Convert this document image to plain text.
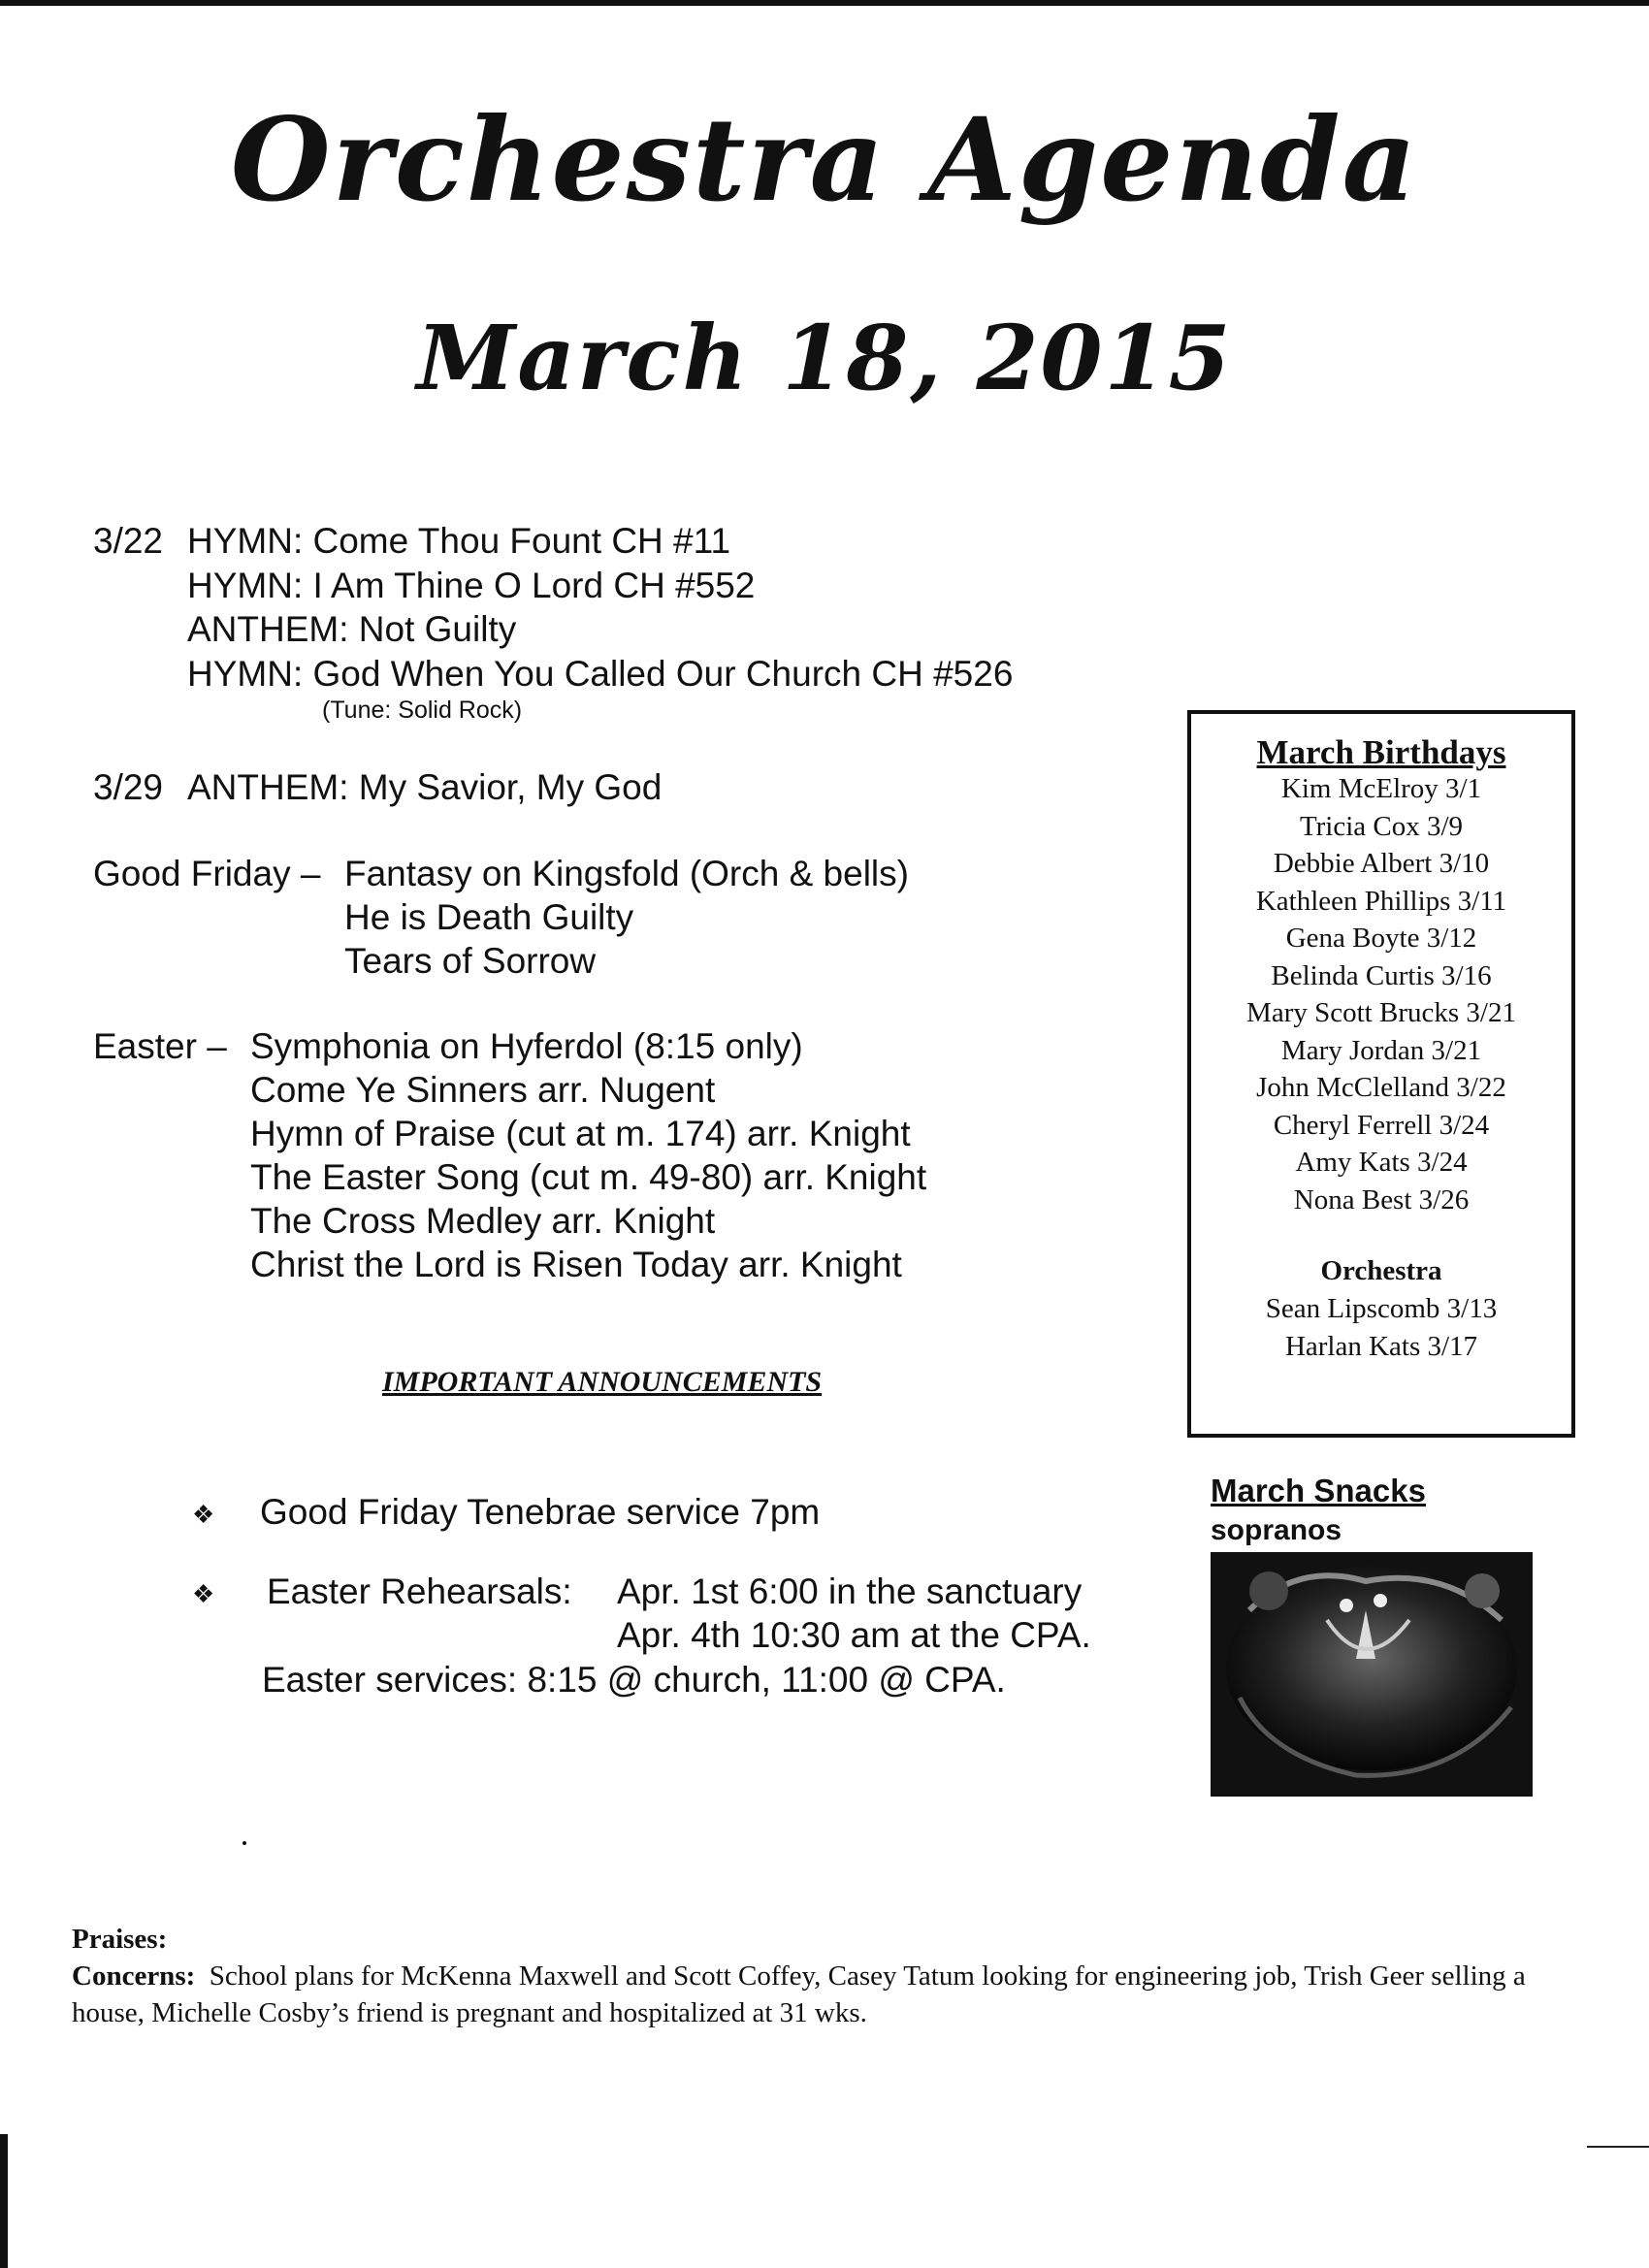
Orchestra Agenda
March 18, 2015
3/22 HYMN: Come Thou Fount CH #11
HYMN: I Am Thine O Lord CH #552
ANTHEM: Not Guilty
HYMN: God When You Called Our Church CH #526
(Tune: Solid Rock)
3/29 ANTHEM: My Savior, My God
Good Friday – Fantasy on Kingsfold (Orch & bells)
He is Death Guilty
Tears of Sorrow
Easter – Symphonia on Hyferdol (8:15 only)
Come Ye Sinners arr. Nugent
Hymn of Praise (cut at m. 174) arr. Knight
The Easter Song (cut m. 49-80) arr. Knight
The Cross Medley arr. Knight
Christ the Lord is Risen Today arr. Knight
IMPORTANT ANNOUNCEMENTS
❖ Good Friday Tenebrae service 7pm
❖ Easter Rehearsals: Apr. 1st 6:00 in the sanctuary
Apr. 4th 10:30 am at the CPA.
Easter services: 8:15 @ church, 11:00 @ CPA.
March Birthdays
Kim McElroy 3/1
Tricia Cox 3/9
Debbie Albert 3/10
Kathleen Phillips 3/11
Gena Boyte 3/12
Belinda Curtis 3/16
Mary Scott Brucks 3/21
Mary Jordan 3/21
John McClelland 3/22
Cheryl Ferrell 3/24
Amy Kats 3/24
Nona Best 3/26
Orchestra
Sean Lipscomb 3/13
Harlan Kats 3/17
March Snacks
sopranos
Praises:
Concerns: School plans for McKenna Maxwell and Scott Coffey, Casey Tatum looking for engineering job, Trish Geer selling a house, Michelle Cosby’s friend is pregnant and hospitalized at 31 wks.
